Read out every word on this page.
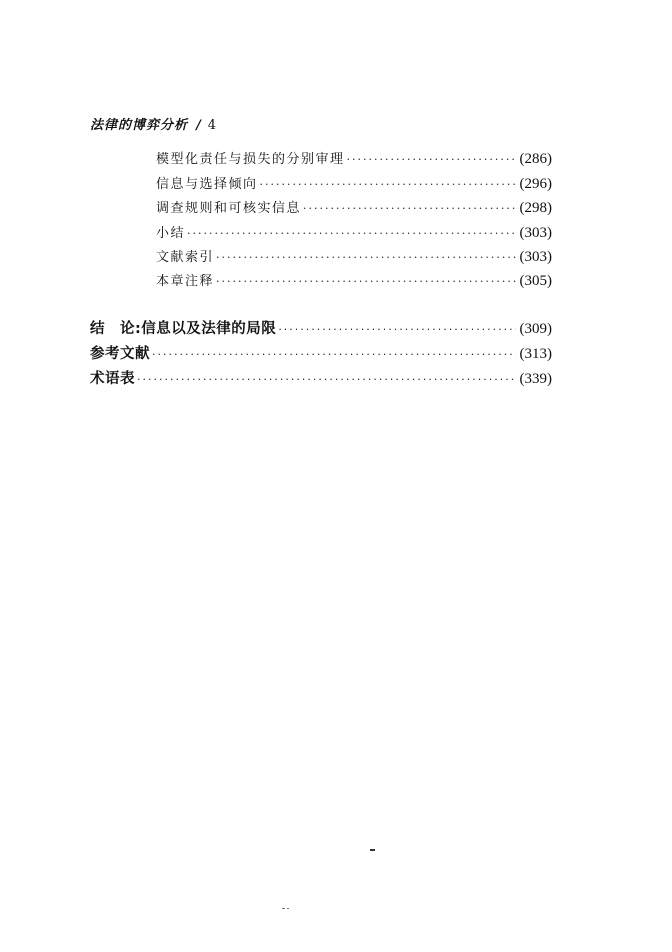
法律的博弈分析 / 4
模型化责任与损失的分别审理 ·····	(286)
信息与选择倾向 ·····	(296)
调查规则和可核实信息 ·····	(298)
小结 ·····	(303)
文献索引 ·····	(303)
本章注释 ·····	(305)
结　论:信息以及法律的局限 ·····	(309)
参考文献 ·····	(313)
术语表 ·····	(339)
